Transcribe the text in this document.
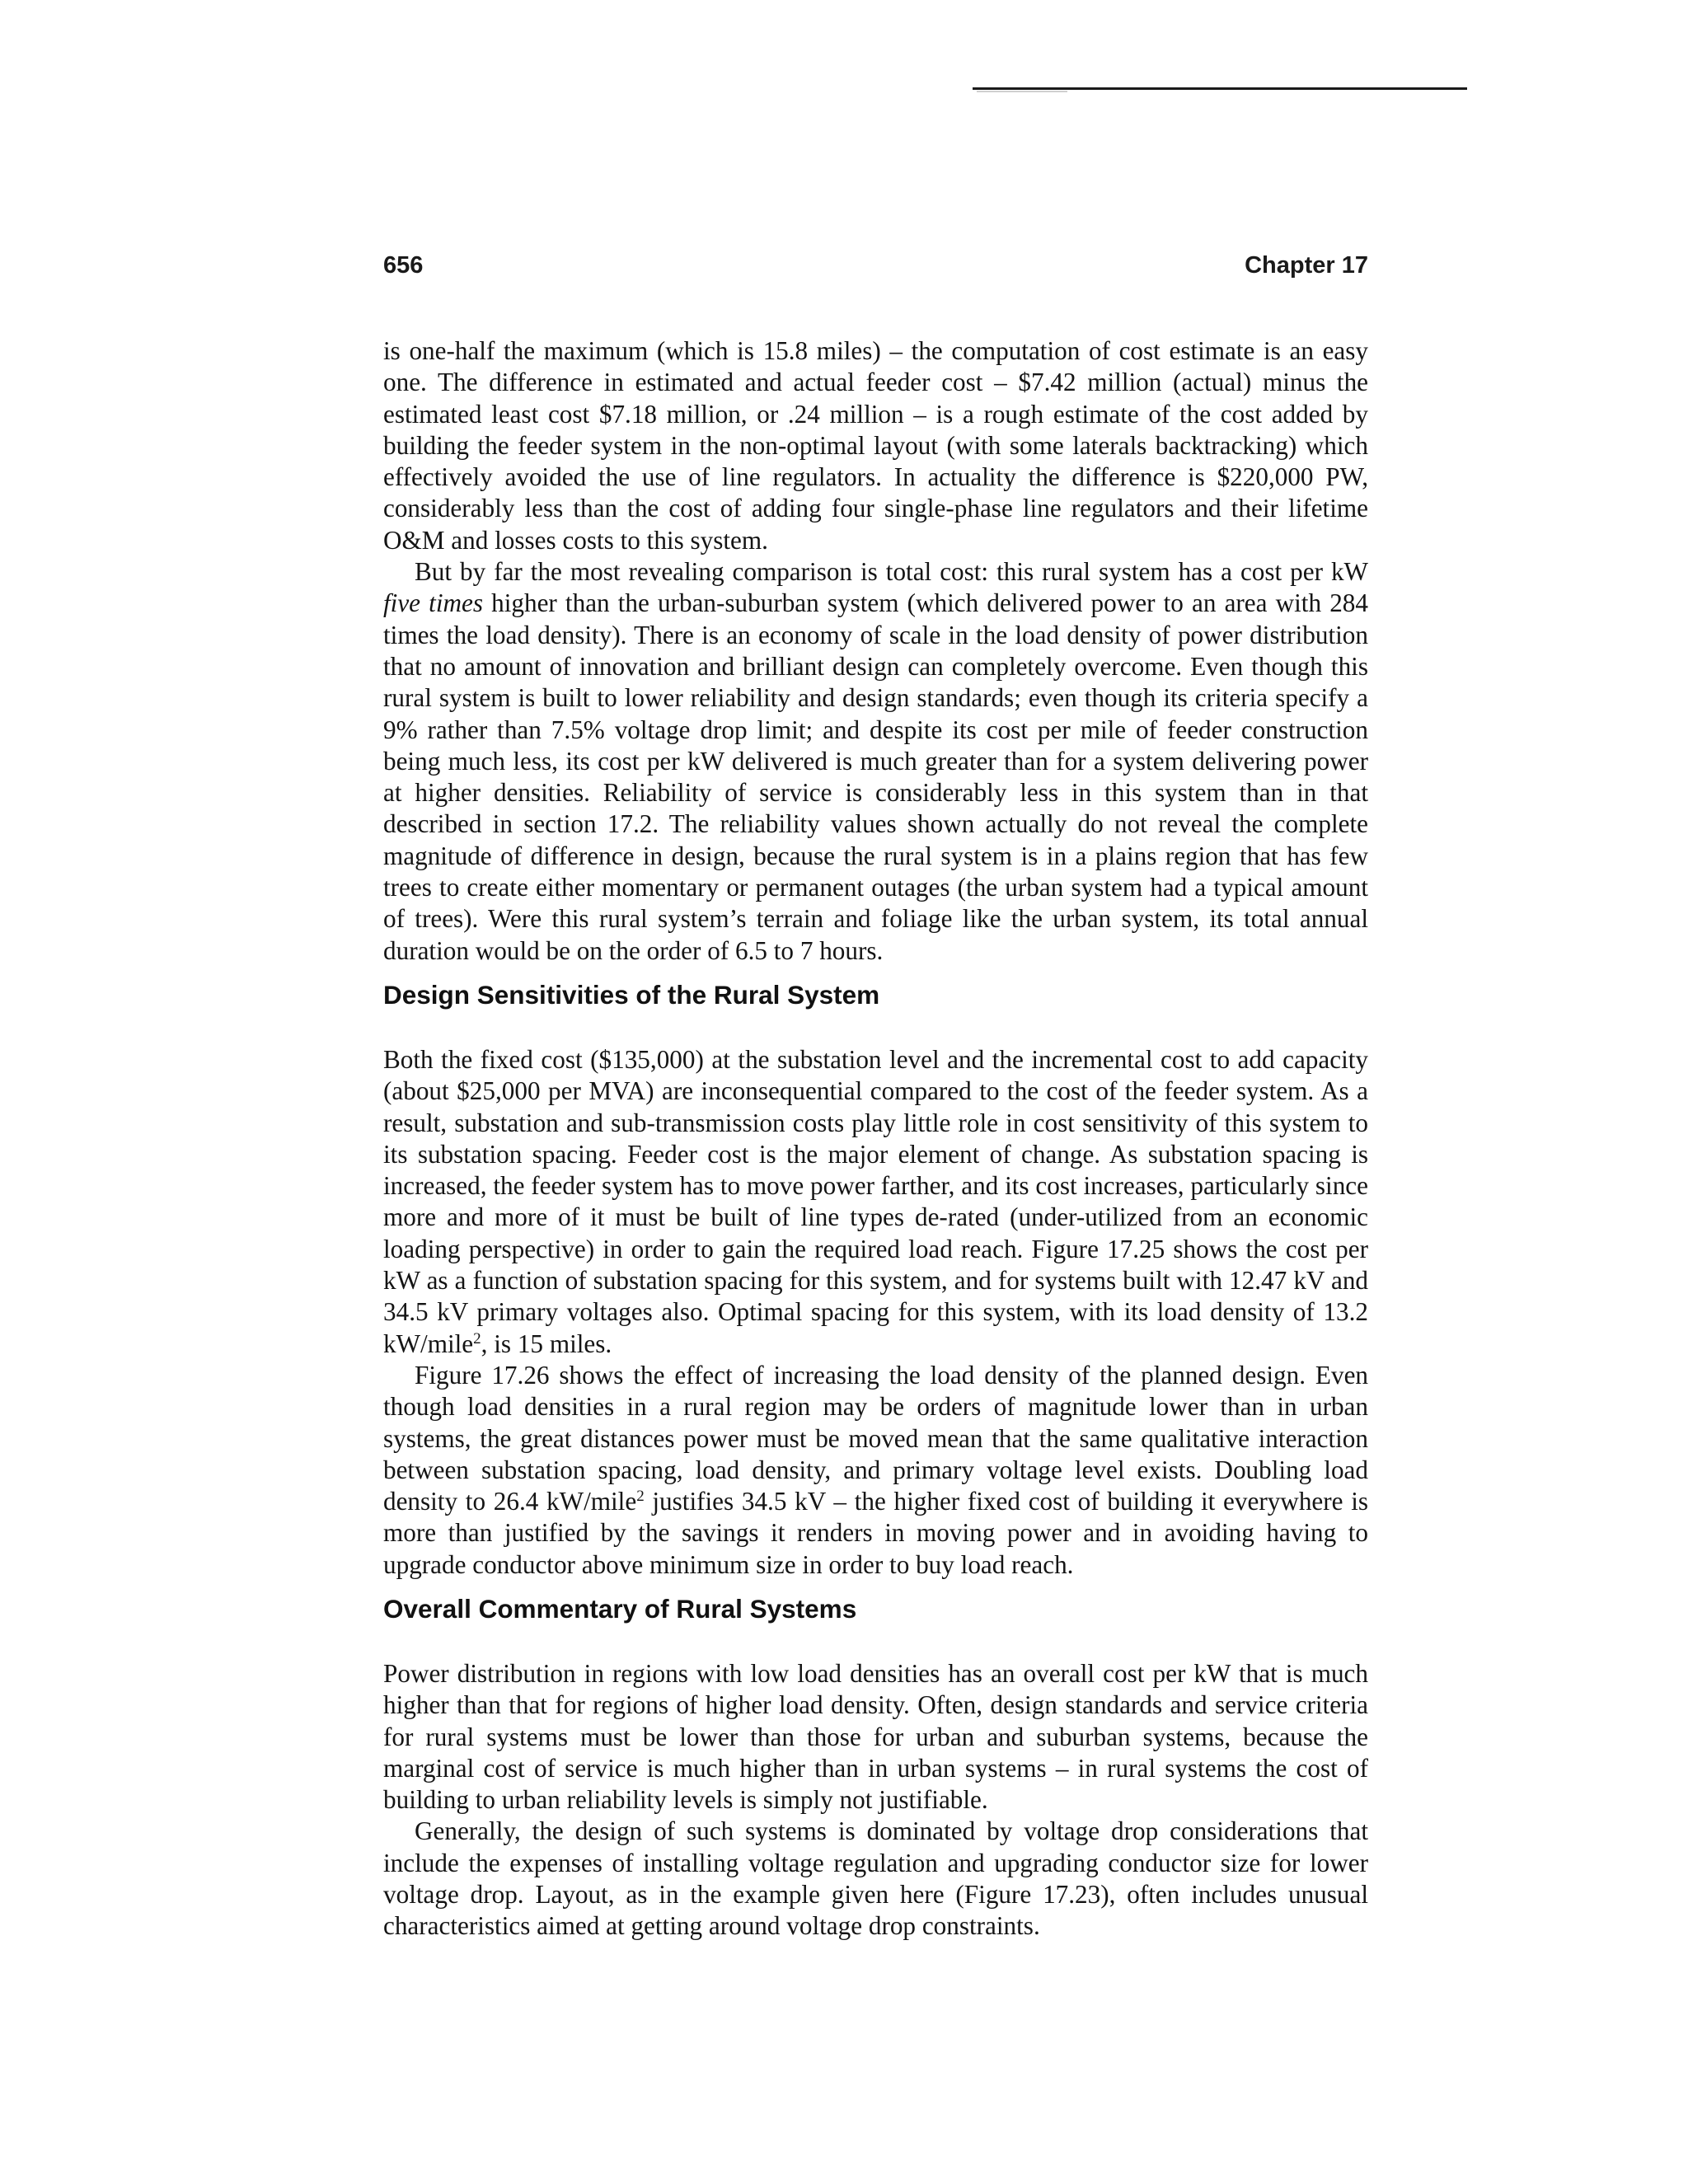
656	Chapter 17

is one-half the maximum (which is 15.8 miles) – the computation of cost estimate is an easy one. The difference in estimated and actual feeder cost – $7.42 million (actual) minus the estimated least cost $7.18 million, or .24 million – is a rough estimate of the cost added by building the feeder system in the non-optimal layout (with some laterals backtracking) which effectively avoided the use of line regulators. In actuality the difference is $220,000 PW, considerably less than the cost of adding four single-phase line regulators and their lifetime O&M and losses costs to this system.

But by far the most revealing comparison is total cost: this rural system has a cost per kW five times higher than the urban-suburban system (which delivered power to an area with 284 times the load density). There is an economy of scale in the load density of power distribution that no amount of innovation and brilliant design can completely overcome. Even though this rural system is built to lower reliability and design standards; even though its criteria specify a 9% rather than 7.5% voltage drop limit; and despite its cost per mile of feeder construction being much less, its cost per kW delivered is much greater than for a system delivering power at higher densities. Reliability of service is considerably less in this system than in that described in section 17.2. The reliability values shown actually do not reveal the complete magnitude of difference in design, because the rural system is in a plains region that has few trees to create either momentary or permanent outages (the urban system had a typical amount of trees). Were this rural system’s terrain and foliage like the urban system, its total annual duration would be on the order of 6.5 to 7 hours.

Design Sensitivities of the Rural System

Both the fixed cost ($135,000) at the substation level and the incremental cost to add capacity (about $25,000 per MVA) are inconsequential compared to the cost of the feeder system. As a result, substation and sub-transmission costs play little role in cost sensitivity of this system to its substation spacing. Feeder cost is the major element of change. As substation spacing is increased, the feeder system has to move power farther, and its cost increases, particularly since more and more of it must be built of line types de-rated (under-utilized from an economic loading perspective) in order to gain the required load reach. Figure 17.25 shows the cost per kW as a function of substation spacing for this system, and for systems built with 12.47 kV and 34.5 kV primary voltages also. Optimal spacing for this system, with its load density of 13.2 kW/mile$^2$, is 15 miles.

Figure 17.26 shows the effect of increasing the load density of the planned design. Even though load densities in a rural region may be orders of magnitude lower than in urban systems, the great distances power must be moved mean that the same qualitative interaction between substation spacing, load density, and primary voltage level exists. Doubling load density to 26.4 kW/mile$^2$ justifies 34.5 kV – the higher fixed cost of building it everywhere is more than justified by the savings it renders in moving power and in avoiding having to upgrade conductor above minimum size in order to buy load reach.

Overall Commentary of Rural Systems

Power distribution in regions with low load densities has an overall cost per kW that is much higher than that for regions of higher load density. Often, design standards and service criteria for rural systems must be lower than those for urban and suburban systems, because the marginal cost of service is much higher than in urban systems – in rural systems the cost of building to urban reliability levels is simply not justifiable.

Generally, the design of such systems is dominated by voltage drop considerations that include the expenses of installing voltage regulation and upgrading conductor size for lower voltage drop. Layout, as in the example given here (Figure 17.23), often includes unusual characteristics aimed at getting around voltage drop constraints.
